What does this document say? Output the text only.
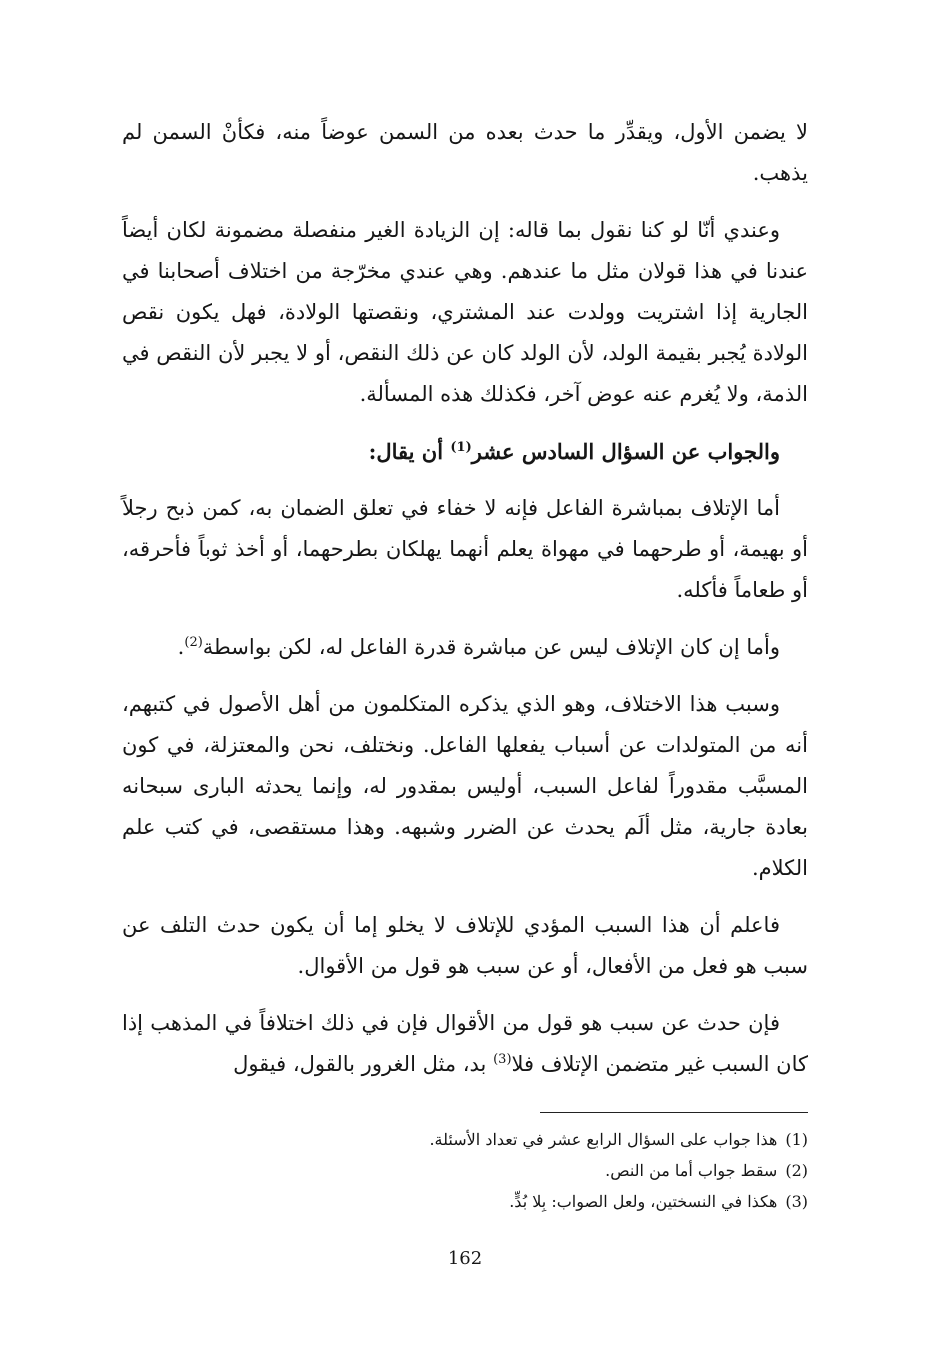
لا يضمن الأول، ويقدِّر ما حدث بعده من السمن عوضاً منه، فكأنْ السمن لم يذهب.

وعندي أنّا لو كنا نقول بما قاله: إن الزيادة الغير منفصلة مضمونة لكان أيضاً عندنا في هذا قولان مثل ما عندهم. وهي عندي مخرّجة من اختلاف أصحابنا في الجارية إذا اشتريت وولدت عند المشتري، ونقصتها الولادة، فهل يكون نقص الولادة يُجبر بقيمة الولد، لأن الولد كان عن ذلك النقص، أو لا يجبر لأن النقص في الذمة، ولا يُغرم عنه عوض آخر، فكذلك هذه المسألة.

والجواب عن السؤال السادس عشر$^{(1)}$ أن يقال:

أما الإتلاف بمباشرة الفاعل فإنه لا خفاء في تعلق الضمان به، كمن ذبح رجلاً أو بهيمة، أو طرحهما في مهواة يعلم أنهما يهلكان بطرحهما، أو أخذ ثوباً فأحرقه، أو طعاماً فأكله.

وأما إن كان الإتلاف ليس عن مباشرة قدرة الفاعل له، لكن بواسطة$^{(2)}$.

وسبب هذا الاختلاف، وهو الذي يذكره المتكلمون من أهل الأصول في كتبهم، أنه من المتولدات عن أسباب يفعلها الفاعل. ونختلف، نحن والمعتزلة، في كون المسبَّب مقدوراً لفاعل السبب، أوليس بمقدور له، وإنما يحدثه البارى سبحانه بعادة جارية، مثل ألَم يحدث عن الضرر وشبهه. وهذا مستقصى، في كتب علم الكلام.

فاعلم أن هذا السبب المؤدي للإتلاف لا يخلو إما أن يكون حدث التلف عن سبب هو فعل من الأفعال، أو عن سبب هو قول من الأقوال.

فإن حدث عن سبب هو قول من الأقوال فإن في ذلك اختلافاً في المذهب إذا كان السبب غير متضمن الإتلاف فلا$^{(3)}$ بد، مثل الغرور بالقول، فيقول

(1)هذا جواب على السؤال الرابع عشر في تعداد الأسئلة.

(2)سقط جواب أما من النص.

(3)هكذا في النسختين، ولعل الصواب: بِلا بُدٍّ.

162
